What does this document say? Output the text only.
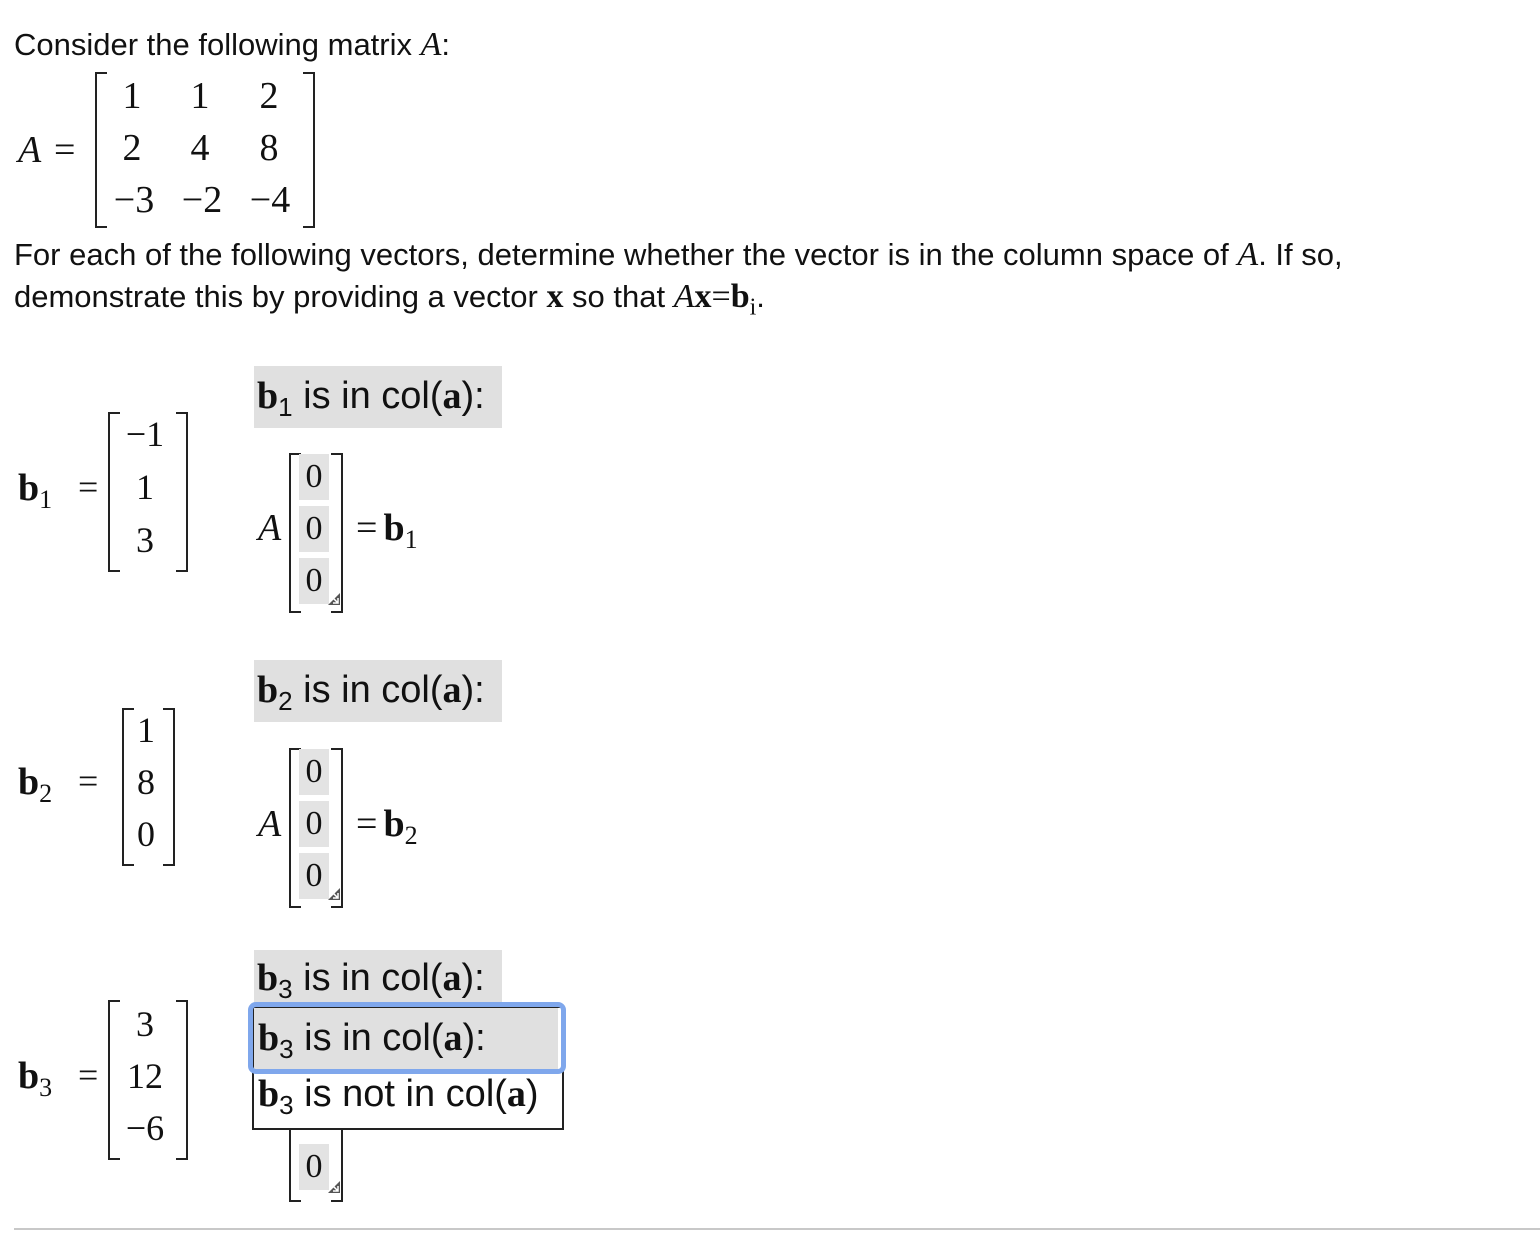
Consider the following matrix A:
A =
1	1	2
2	4	8
−3 −2 −4
For each of the following vectors, determine whether the vector is in the column space of A. If so,
demonstrate this by providing a vector x so that $Ax=b_i$.
$b_1$ =
−1
1
3
$b_1$ is in col(a):
A
0
0
0
= $b_1$
$b_2$ =
1
8
0
$b_2$ is in col(a):
A
0
0
0
= $b_2$
$b_3$ =
3
12
−6
$b_3$ is in col(a):
0
$b_3$ is in col(a):
$b_3$ is not in col(a)
